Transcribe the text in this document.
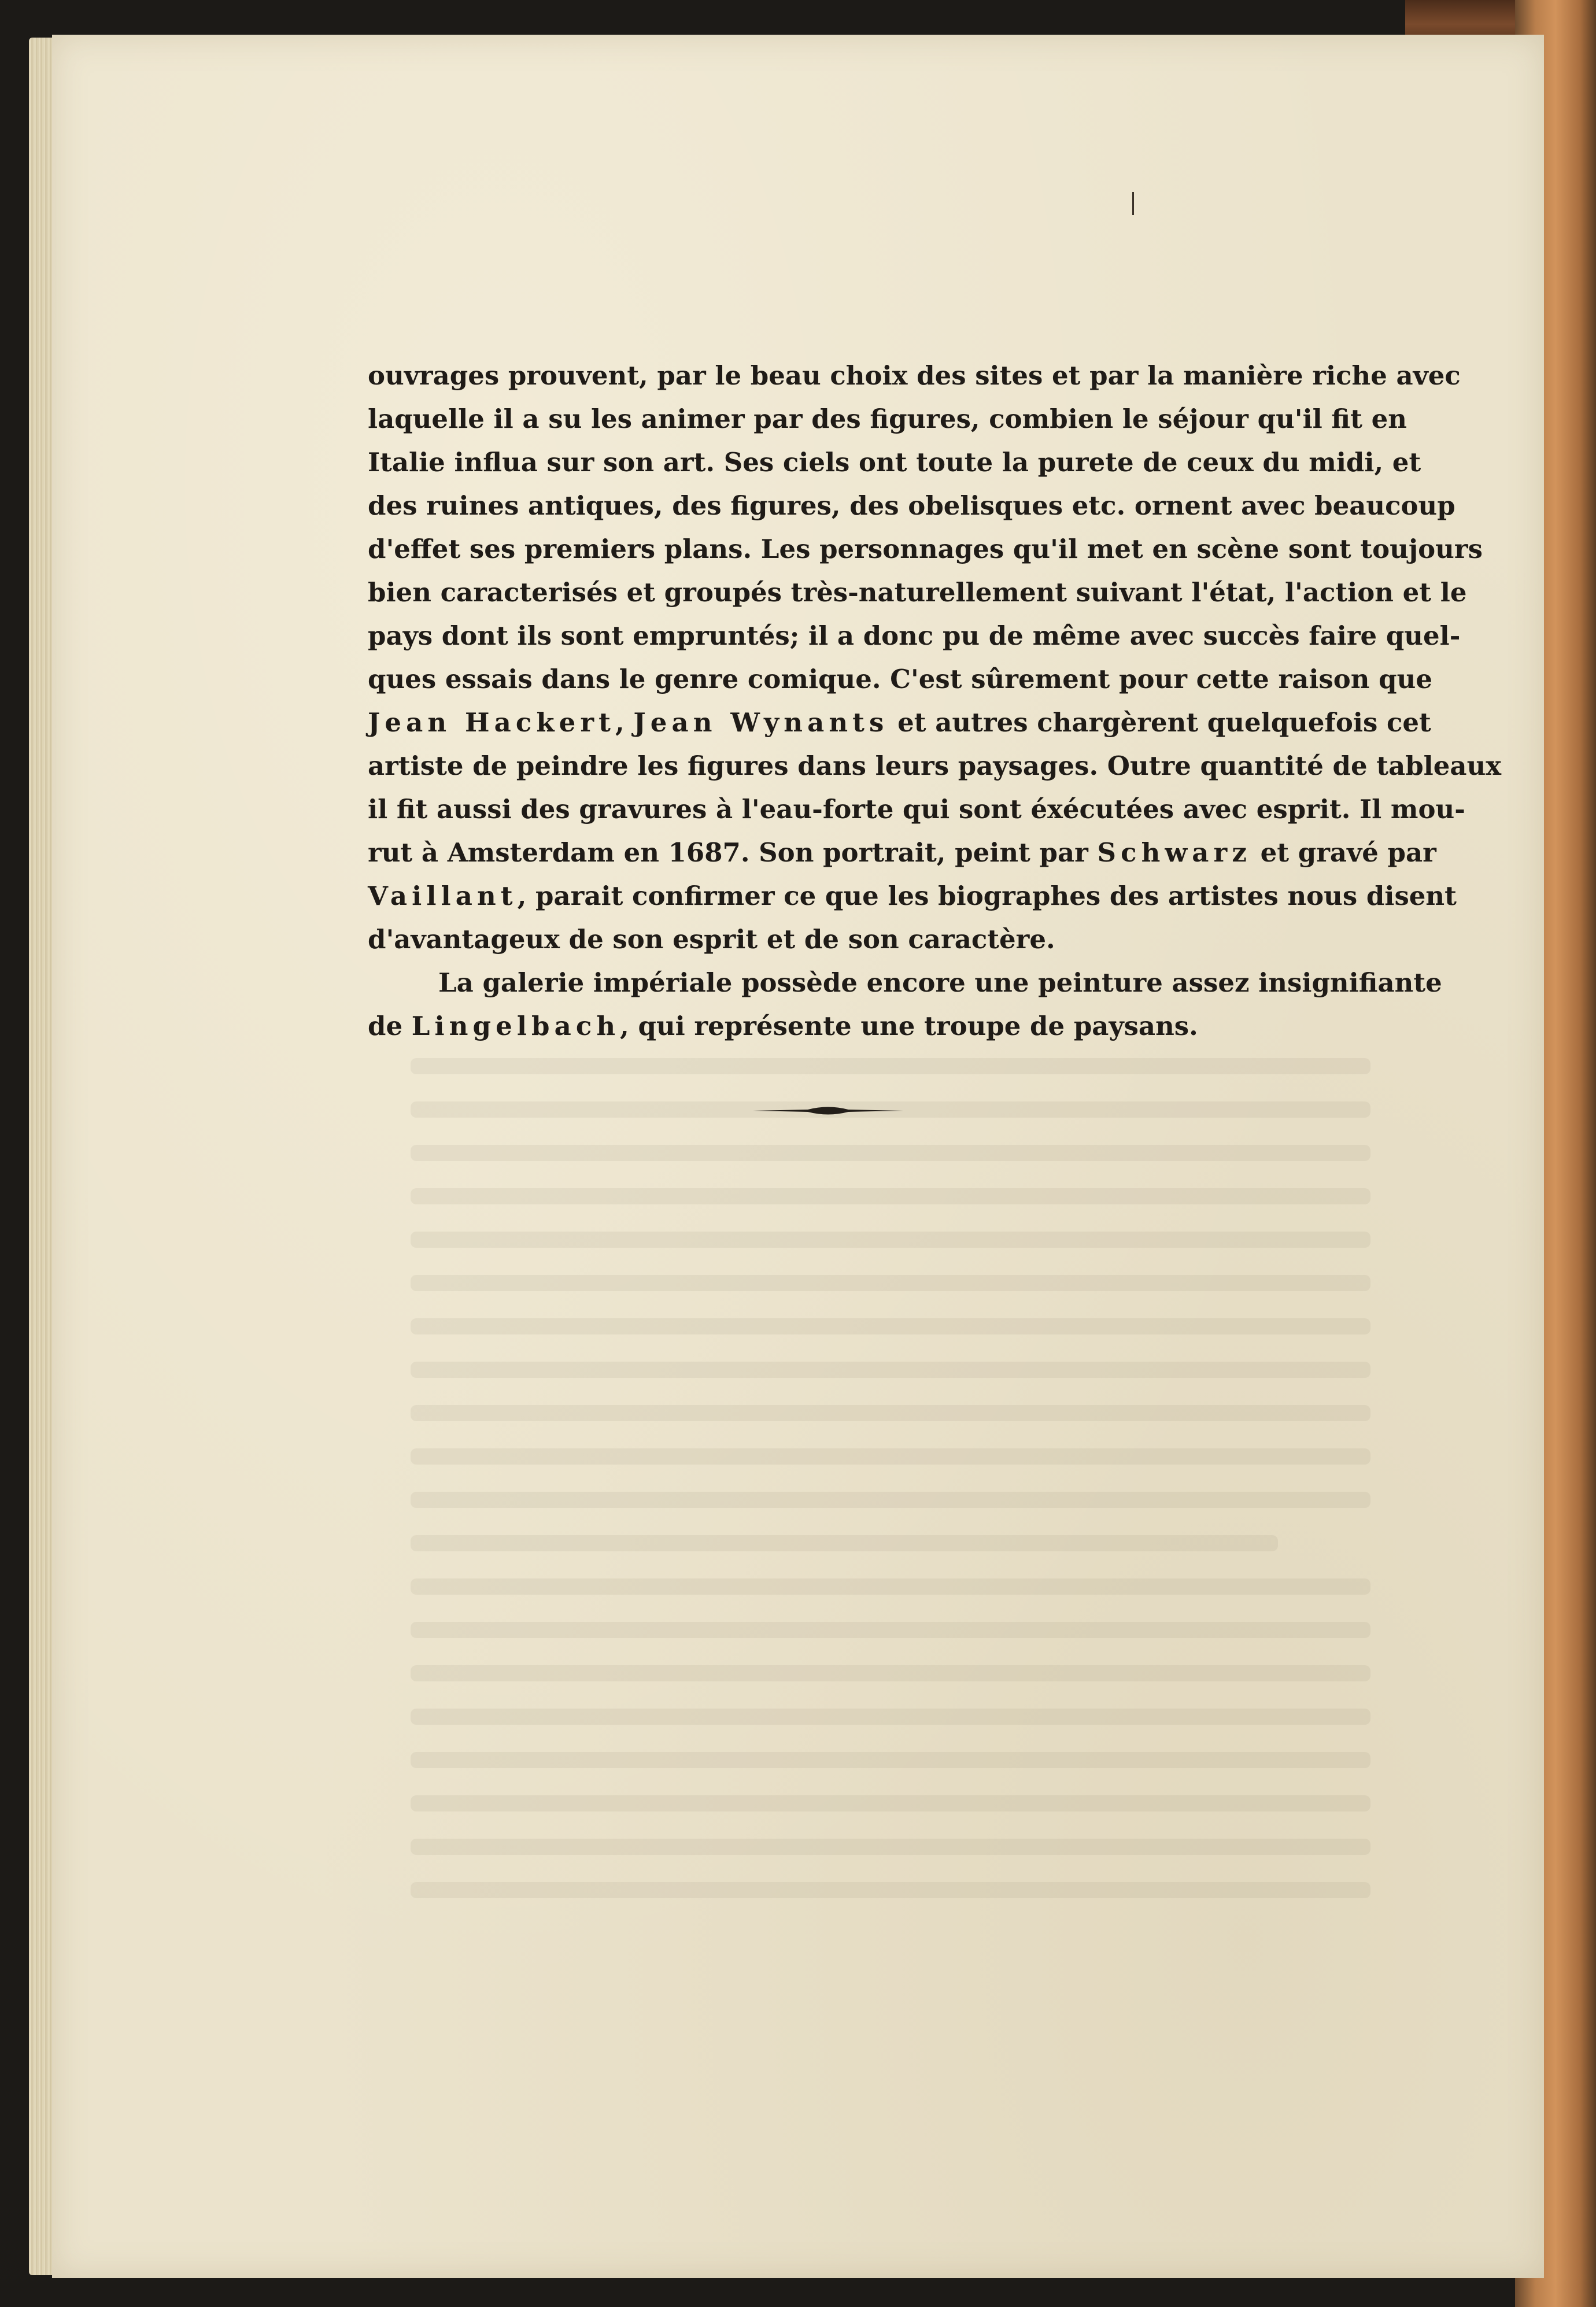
ouvrages prouvent, par le beau choix des sites et par la manière riche avec
laquelle il a su les animer par des figures, combien le séjour qu'il fit en
Italie influa sur son art. Ses ciels ont toute la purete de ceux du midi, et
des ruines antiques, des figures, des obelisques etc. ornent avec beaucoup
d'effet ses premiers plans. Les personnages qu'il met en scène sont toujours
bien caracterisés et groupés très-naturellement suivant l'état, l'action et le
pays dont ils sont empruntés; il a donc pu de même avec succès faire quel-
ques essais dans le genre comique. C'est sûrement pour cette raison que
Jean Hackert, Jean Wynants et autres chargèrent quelquefois cet
artiste de peindre les figures dans leurs paysages. Outre quantité de tableaux
il fit aussi des gravures à l'eau-forte qui sont éxécutées avec esprit. Il mou-
rut à Amsterdam en 1687. Son portrait, peint par Schwarz et gravé par
Vaillant, parait confirmer ce que les biographes des artistes nous disent
d'avantageux de son esprit et de son caractère.
La galerie impériale possède encore une peinture assez insignifiante
de Lingelbach, qui représente une troupe de paysans.
